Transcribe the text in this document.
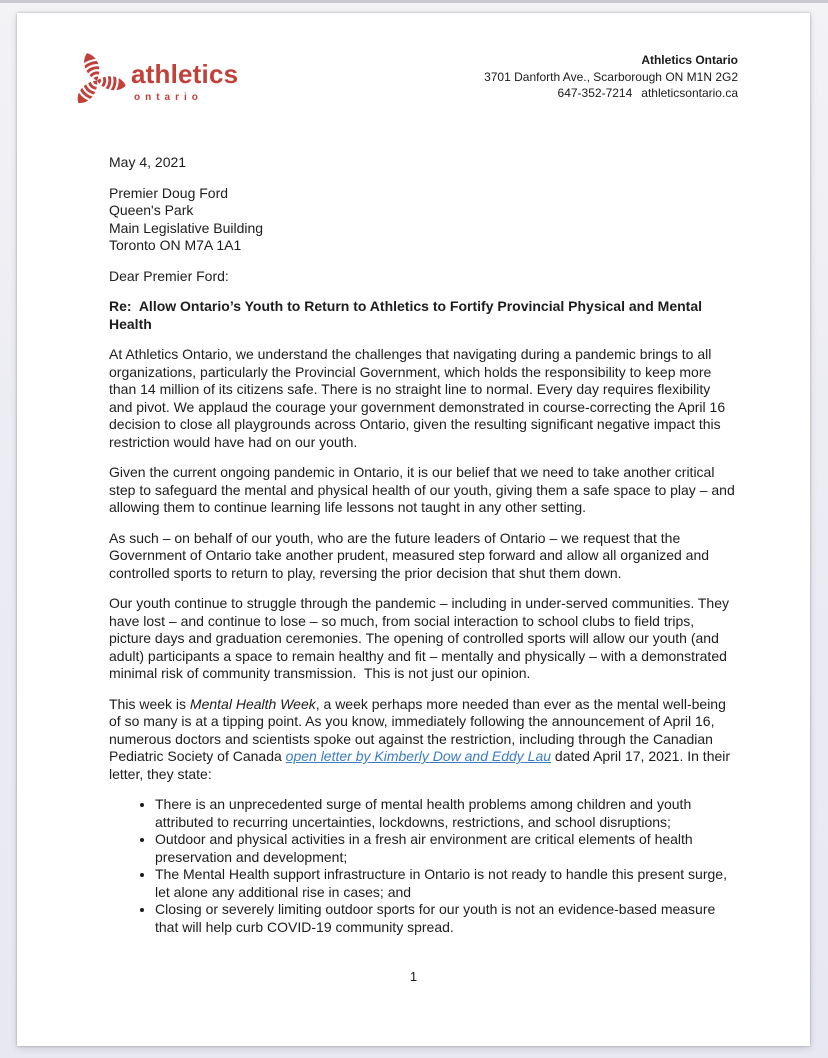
athletics
ontario
Athletics Ontario
3701 Danforth Ave., Scarborough ON M1N 2G2
647-352-7214 athleticsontario.ca
May 4, 2021
Premier Doug Ford
Queen's Park
Main Legislative Building
Toronto ON M7A 1A1
Dear Premier Ford:
Re:  Allow Ontario’s Youth to Return to Athletics to Fortify Provincial Physical and Mental Health

At Athletics Ontario, we understand the challenges that navigating during a pandemic brings to all organizations, particularly the Provincial Government, which holds the responsibility to keep more than 14 million of its citizens safe. There is no straight line to normal. Every day requires flexibility and pivot. We applaud the courage your government demonstrated in course-correcting the April 16 decision to close all playgrounds across Ontario, given the resulting significant negative impact this restriction would have had on our youth.

Given the current ongoing pandemic in Ontario, it is our belief that we need to take another critical step to safeguard the mental and physical health of our youth, giving them a safe space to play – and allowing them to continue learning life lessons not taught in any other setting.

As such – on behalf of our youth, who are the future leaders of Ontario – we request that the Government of Ontario take another prudent, measured step forward and allow all organized and controlled sports to return to play, reversing the prior decision that shut them down.

Our youth continue to struggle through the pandemic – including in under-served communities. They have lost – and continue to lose – so much, from social interaction to school clubs to field trips, picture days and graduation ceremonies. The opening of controlled sports will allow our youth (and adult) participants a space to remain healthy and fit – mentally and physically – with a demonstrated minimal risk of community transmission.  This is not just our opinion.

This week is Mental Health Week, a week perhaps more needed than ever as the mental well-being of so many is at a tipping point. As you know, immediately following the announcement of April 16, numerous doctors and scientists spoke out against the restriction, including through the Canadian Pediatric Society of Canada open letter by Kimberly Dow and Eddy Lau dated April 17, 2021. In their letter, they state:

• There is an unprecedented surge of mental health problems among children and youth attributed to recurring uncertainties, lockdowns, restrictions, and school disruptions;
• Outdoor and physical activities in a fresh air environment are critical elements of health preservation and development;
• The Mental Health support infrastructure in Ontario is not ready to handle this present surge, let alone any additional rise in cases; and
• Closing or severely limiting outdoor sports for our youth is not an evidence-based measure that will help curb COVID-19 community spread.
1
